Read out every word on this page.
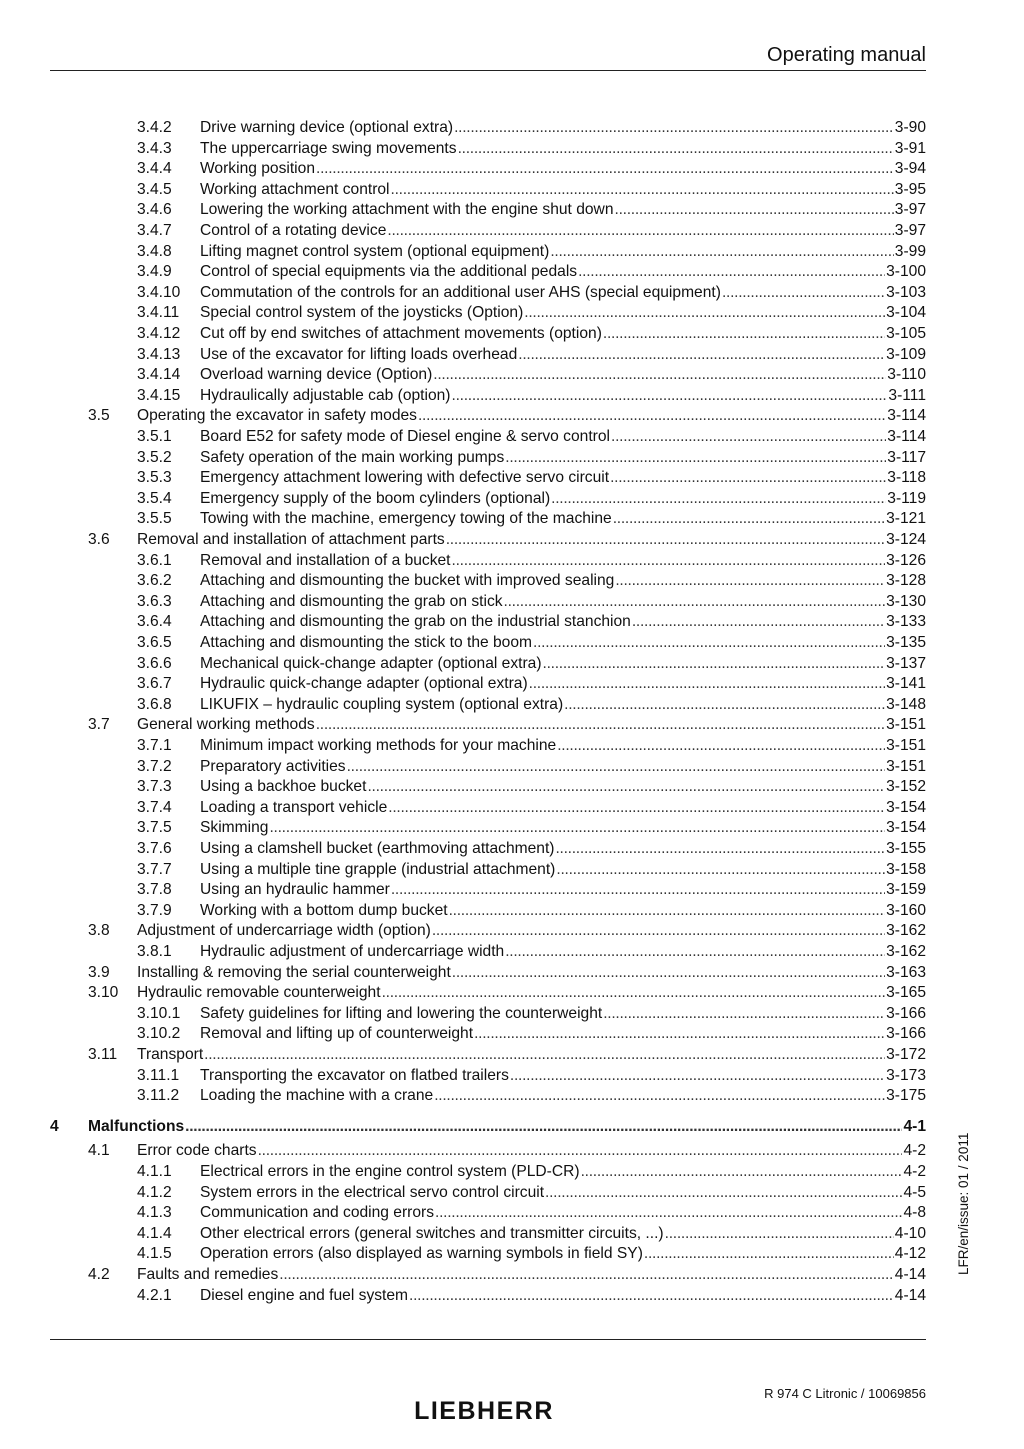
Operating manual
3.4.2 Drive warning device (optional extra) . . .	3-90
3.4.3 The uppercarriage swing movements . . .	3-91
3.4.4 Working position . . .	3-94
3.4.5 Working attachment control . . .	3-95
3.4.6 Lowering the working attachment with the engine shut down . . .	3-97
3.4.7 Control of a rotating device . . .	3-97
3.4.8 Lifting magnet control system (optional equipment) . . .	3-99
3.4.9 Control of special equipments via the additional pedals . . .	3-100
3.4.10 Commutation of the controls for an additional user AHS (special equipment) . . .	3-103
3.4.11 Special control system of the joysticks (Option) . . .	3-104
3.4.12 Cut off by end switches of attachment movements (option) . . .	3-105
3.4.13 Use of the excavator for lifting loads overhead . . .	3-109
3.4.14 Overload warning device (Option) . . .	3-110
3.4.15 Hydraulically adjustable cab (option) . . .	3-111
3.5 Operating the excavator in safety modes . . .	3-114
3.5.1 Board E52 for safety mode of Diesel engine & servo control . . .	3-114
3.5.2 Safety operation of the main working pumps . . .	3-117
3.5.3 Emergency attachment lowering with defective servo circuit . . .	3-118
3.5.4 Emergency supply of the boom cylinders (optional) . . .	3-119
3.5.5 Towing with the machine, emergency towing of the machine . . .	3-121
3.6 Removal and installation of attachment parts . . .	3-124
3.6.1 Removal and installation of a bucket . . .	3-126
3.6.2 Attaching and dismounting the bucket with improved sealing . . .	3-128
3.6.3 Attaching and dismounting the grab on stick . . .	3-130
3.6.4 Attaching and dismounting the grab on the industrial stanchion . . .	3-133
3.6.5 Attaching and dismounting the stick to the boom . . .	3-135
3.6.6 Mechanical quick-change adapter (optional extra) . . .	3-137
3.6.7 Hydraulic quick-change adapter (optional extra) . . .	3-141
3.6.8 LIKUFIX – hydraulic coupling system (optional extra) . . .	3-148
3.7 General working methods . . .	3-151
3.7.1 Minimum impact working methods for your machine . . .	3-151
3.7.2 Preparatory activities . . .	3-151
3.7.3 Using a backhoe bucket . . .	3-152
3.7.4 Loading a transport vehicle . . .	3-154
3.7.5 Skimming . . .	3-154
3.7.6 Using a clamshell bucket (earthmoving attachment) . . .	3-155
3.7.7 Using a multiple tine grapple (industrial attachment) . . .	3-158
3.7.8 Using an hydraulic hammer . . .	3-159
3.7.9 Working with a bottom dump bucket . . .	3-160
3.8 Adjustment of undercarriage width (option) . . .	3-162
3.8.1 Hydraulic adjustment of undercarriage width . . .	3-162
3.9 Installing & removing the serial counterweight . . .	3-163
3.10 Hydraulic removable counterweight . . .	3-165
3.10.1 Safety guidelines for lifting and lowering the counterweight . . .	3-166
3.10.2 Removal and lifting up of counterweight . . .	3-166
3.11 Transport . . .	3-172
3.11.1 Transporting the excavator on flatbed trailers . . .	3-173
3.11.2 Loading the machine with a crane . . .	3-175
4 Malfunctions . . .	4-1
4.1 Error code charts . . .	4-2
4.1.1 Electrical errors in the engine control system (PLD-CR) . . .	4-2
4.1.2 System errors in the electrical servo control circuit . . .	4-5
4.1.3 Communication and coding errors . . .	4-8
4.1.4 Other electrical errors (general switches and transmitter circuits, ...) . . .	4-10
4.1.5 Operation errors (also displayed as warning symbols in field SY) . . .	4-12
4.2 Faults and remedies . . .	4-14
4.2.1 Diesel engine and fuel system . . .	4-14
LFR/en/issue: 01 / 2011
R 974 C Litronic / 10069856
LIEBHERR
